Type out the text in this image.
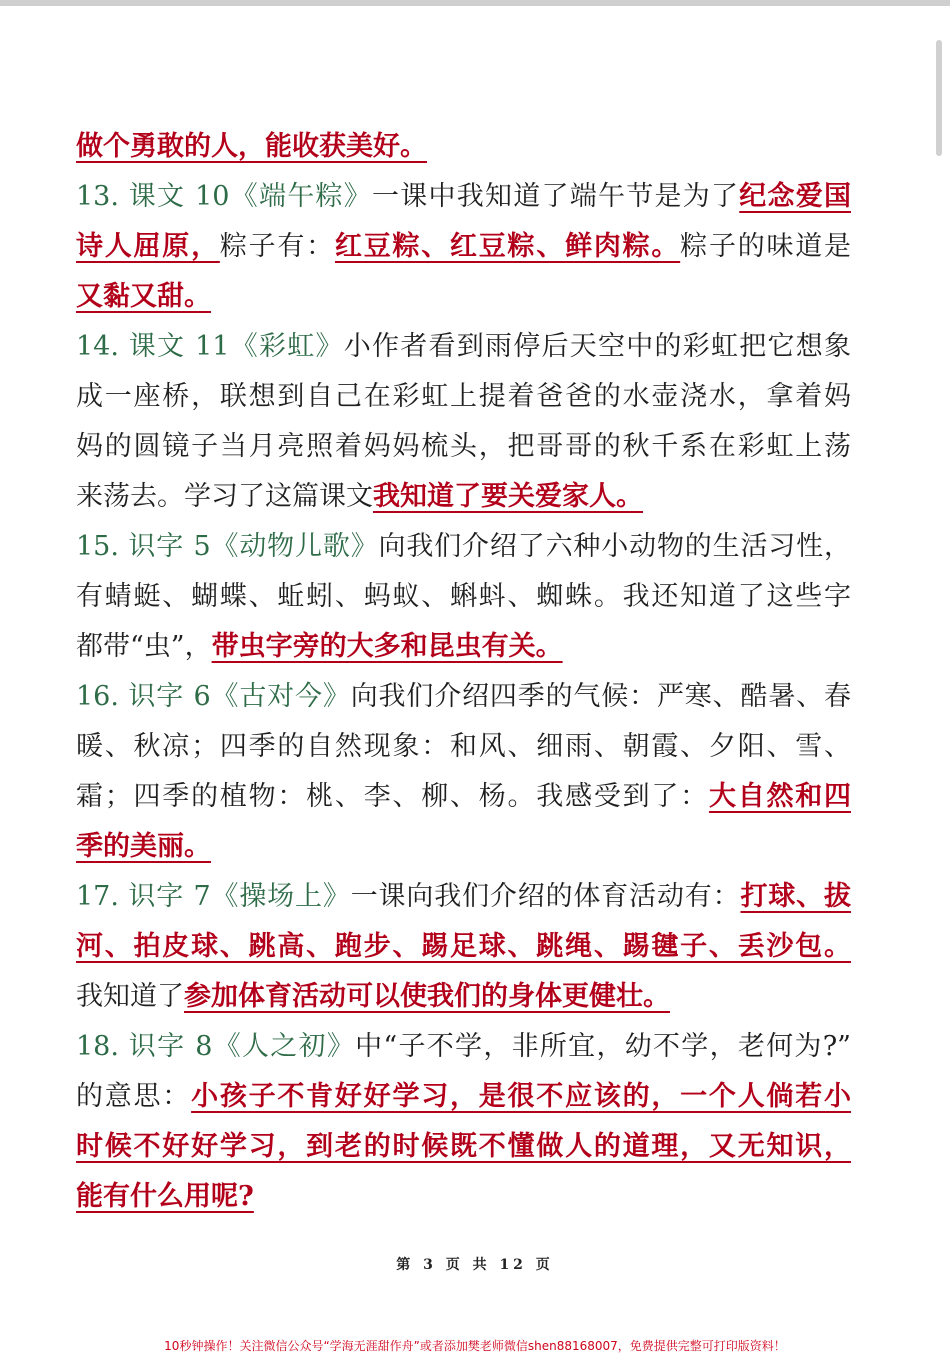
做个勇敢的人，能收获美好。
13. 课文 10《端午粽》一课中我知道了端午节是为了纪念爱国
诗人屈原，粽子有：红豆粽、红豆粽、鲜肉粽。粽子的味道是
又黏又甜。
14. 课文 11《彩虹》小作者看到雨停后天空中的彩虹把它想象
成一座桥，联想到自己在彩虹上提着爸爸的水壶浇水，拿着妈
妈的圆镜子当月亮照着妈妈梳头，把哥哥的秋千系在彩虹上荡
来荡去。学习了这篇课文我知道了要关爱家人。
15. 识字 5《动物儿歌》向我们介绍了六种小动物的生活习性，
有蜻蜓、蝴蝶、蚯蚓、蚂蚁、蝌蚪、蜘蛛。我还知道了这些字
都带“虫”，带虫字旁的大多和昆虫有关。
16. 识字 6《古对今》向我们介绍四季的气候：严寒、酷暑、春
暖、秋凉；四季的自然现象：和风、细雨、朝霞、夕阳、雪、
霜；四季的植物：桃、李、柳、杨。我感受到了：大自然和四
季的美丽。
17. 识字 7《操场上》一课向我们介绍的体育活动有：打球、拔
河、拍皮球、跳高、跑步、踢足球、跳绳、踢毽子、丢沙包。
我知道了参加体育活动可以使我们的身体更健壮。
18. 识字 8《人之初》中“子不学，非所宜，幼不学，老何为?”
的意思：小孩子不肯好好学习，是很不应该的，一个人倘若小
时候不好好学习，到老的时候既不懂做人的道理，又无知识，
能有什么用呢?
第 3 页 共 12 页
10秒钟操作！关注微信公众号“学海无涯甜作舟”或者添加樊老师微信shen88168007，免费提供完整可打印版资料！
